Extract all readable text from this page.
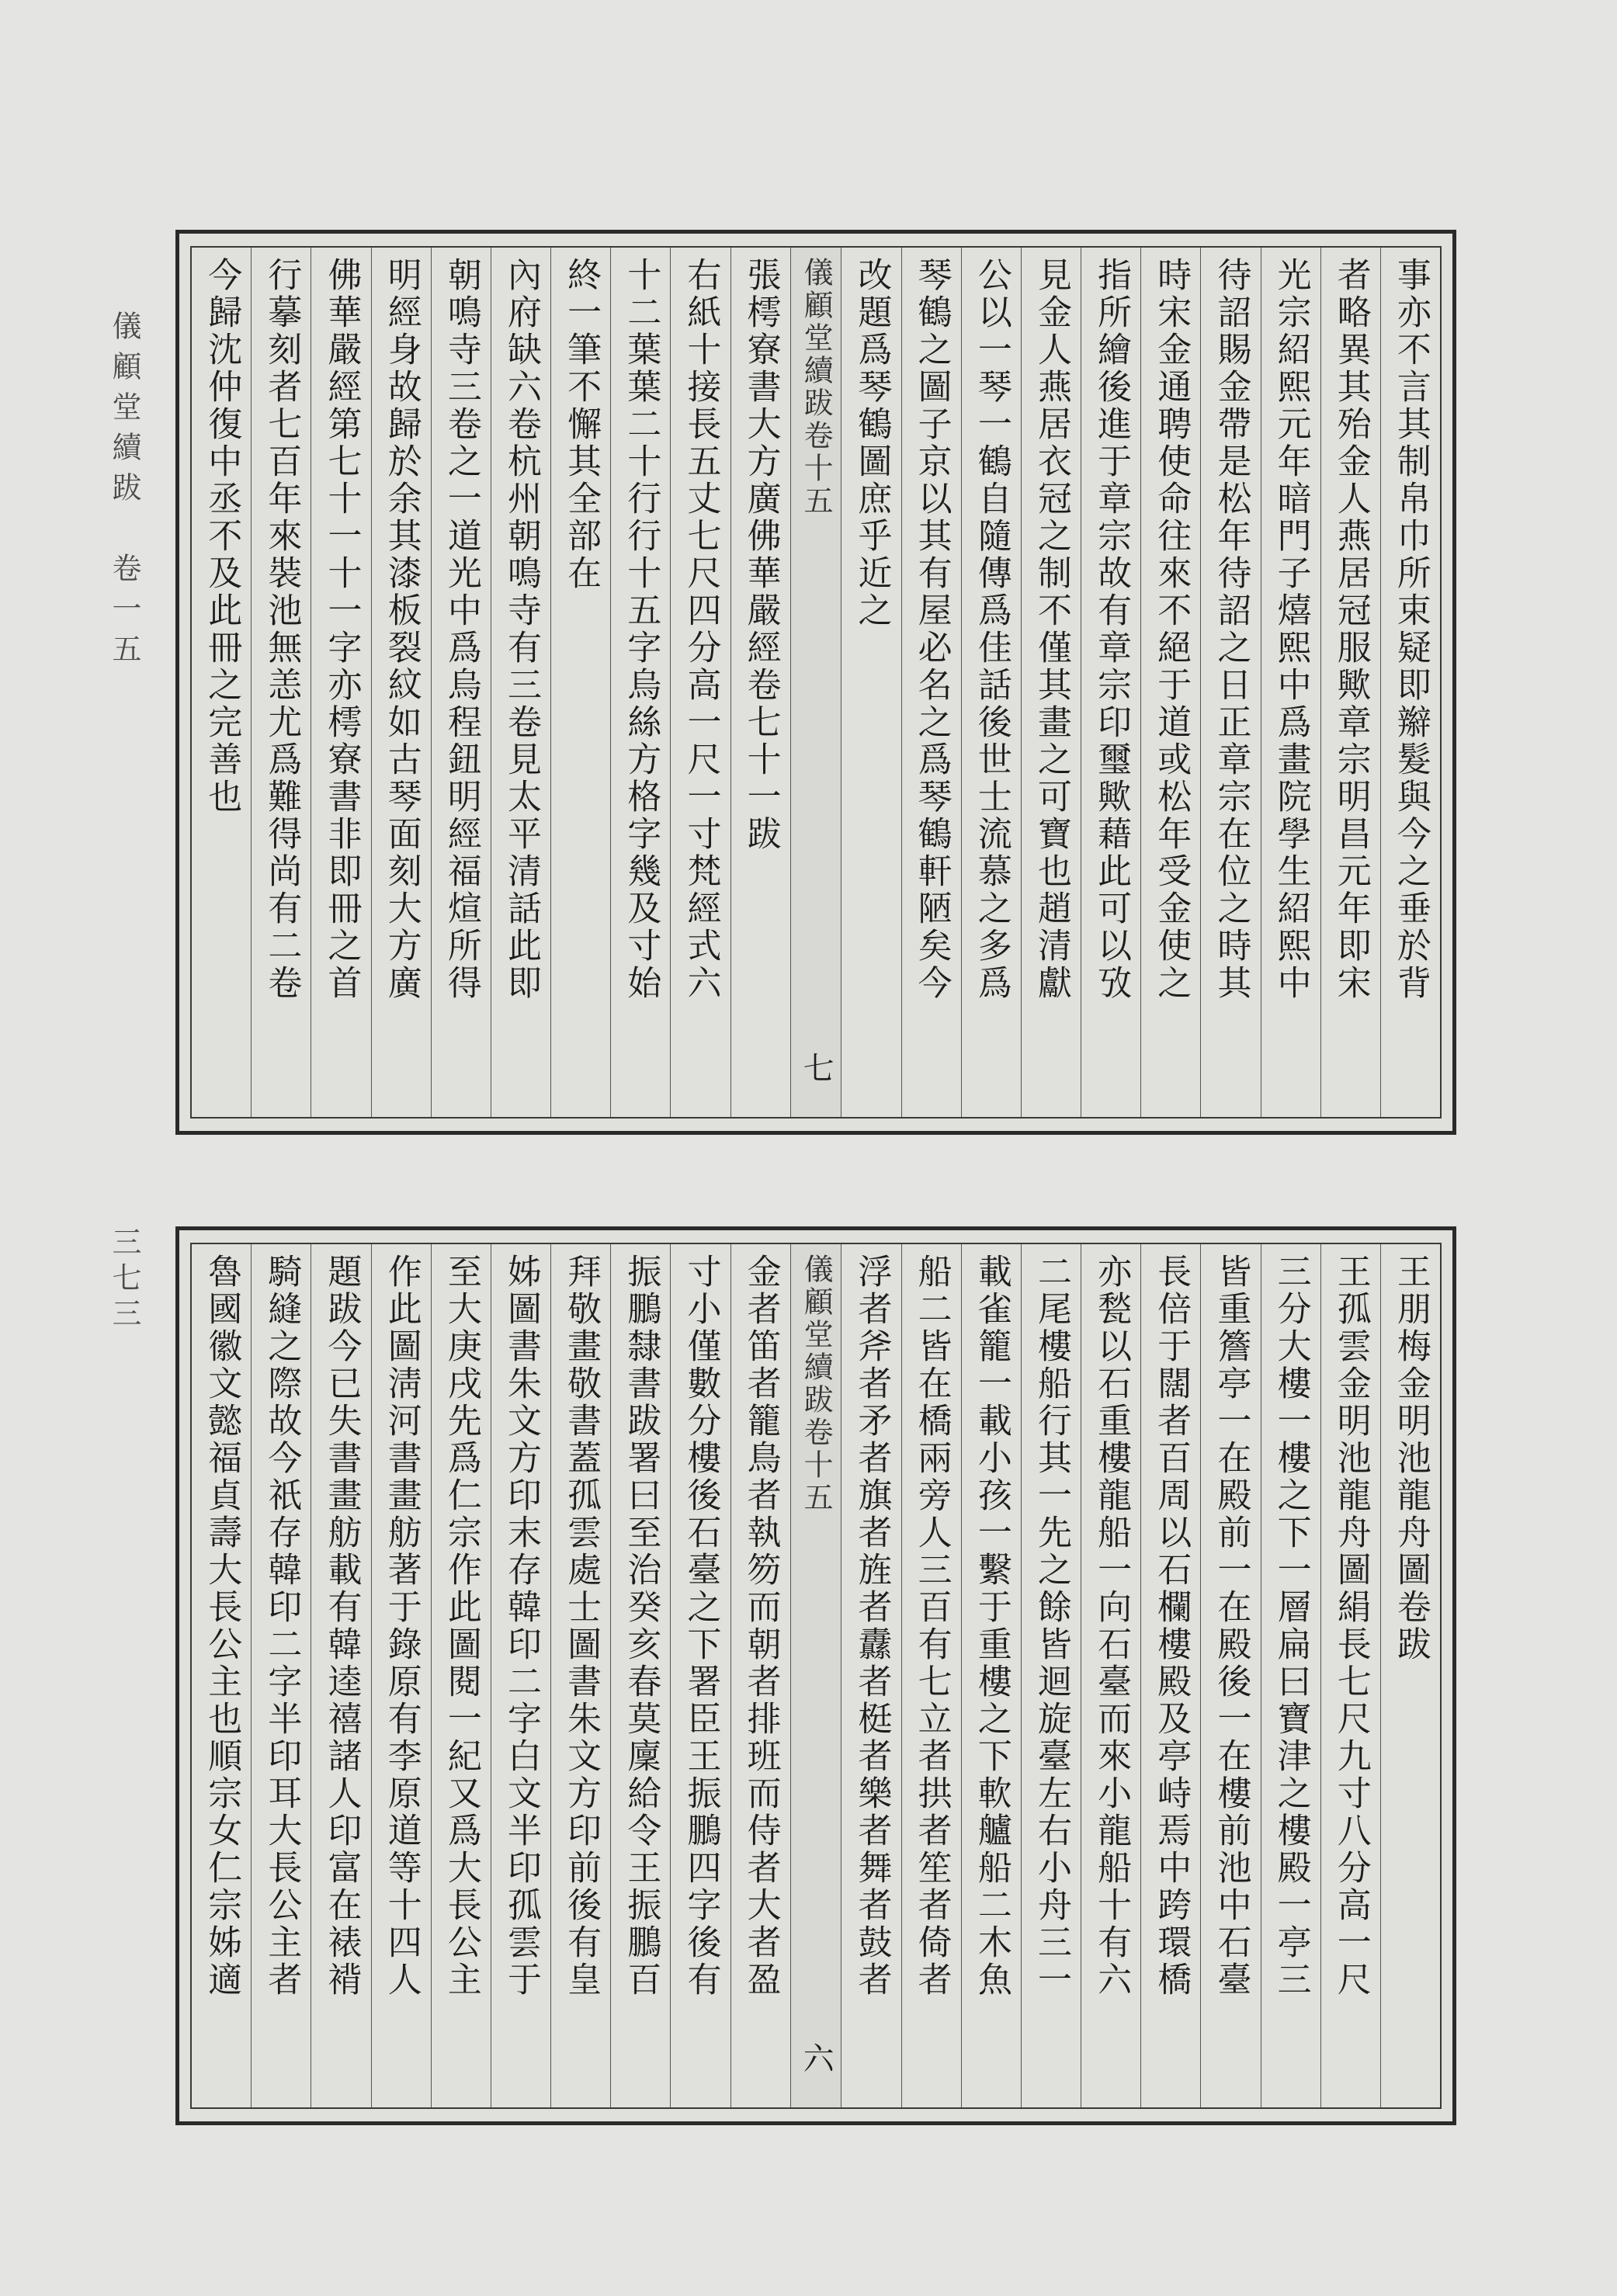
儀顧堂續跋　卷一五
三七三
事亦不言其制帛巾所束疑即辮髮與今之垂於背
者略異其殆金人燕居冠服歟章宗明昌元年即宋
光宗紹熙元年暗門子熺熙中爲畫院學生紹熙中
待詔賜金帶是松年待詔之日正章宗在位之時其
時宋金通聘使命往來不絕于道或松年受金使之
指所繪後進于章宗故有章宗印璽歟藉此可以攷
見金人燕居衣冠之制不僅其畫之可寶也趙清獻
公以一琴一鶴自隨傳爲佳話後世士流慕之多爲
琴鶴之圖子京以其有屋必名之爲琴鶴軒陋矣今
改題爲琴鶴圖庶乎近之
儀顧堂續跋卷十五
七
張樗寮書大方廣佛華嚴經卷七十一跋
右紙十接長五丈七尺四分高一尺一寸梵經式六
十二葉葉二十行行十五字烏絲方格字幾及寸始
終一筆不懈其全部在
內府缺六卷杭州朝鳴寺有三卷見太平清話此即
朝鳴寺三卷之一道光中爲烏程鈕明經福煊所得
明經身故歸於余其漆板裂紋如古琴面刻大方廣
佛華嚴經第七十一十一字亦樗寮書非即冊之首
行摹刻者七百年來裝池無恙尤爲難得尚有二卷
今歸沈仲復中丞不及此冊之完善也
王朋梅金明池龍舟圖卷跋
王孤雲金明池龍舟圖絹長七尺九寸八分高一尺
三分大樓一樓之下一層扁曰寶津之樓殿一亭三
皆重簷亭一在殿前一在殿後一在樓前池中石臺
長倍于闊者百周以石欄樓殿及亭峙焉中跨環橋
亦甃以石重樓龍船一向石臺而來小龍船十有六
二尾樓船行其一先之餘皆迴旋臺左右小舟三一
載雀籠一載小孩一繫于重樓之下軟艫船二木魚
船二皆在橋兩旁人三百有七立者拱者笙者倚者
浮者斧者矛者旗者旌者纛者梃者樂者舞者鼓者
儀顧堂續跋卷十五
六
金者笛者籠鳥者執笏而朝者排班而侍者大者盈
寸小僅數分樓後石臺之下署臣王振鵬四字後有
振鵬隸書跋署曰至治癸亥春莫廩給令王振鵬百
拜敬畫敬書蓋孤雲處士圖書朱文方印前後有皇
姊圖書朱文方印末存韓印二字白文半印孤雲于
至大庚戌先爲仁宗作此圖閱一紀又爲大長公主
作此圖淸河書畫舫著于錄原有李原道等十四人
題跋今已失書畫舫載有韓逵禧諸人印富在裱褙
騎縫之際故今祇存韓印二字半印耳大長公主者
魯國徽文懿福貞壽大長公主也順宗女仁宗姊適
